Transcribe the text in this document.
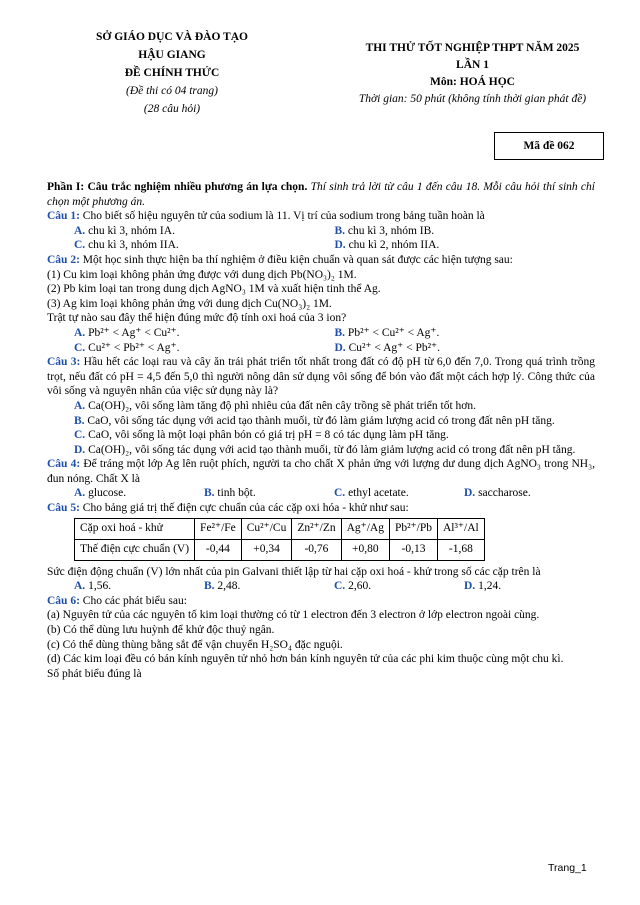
SỞ GIÁO DỤC VÀ ĐÀO TẠO
HẬU GIANG
ĐỀ CHÍNH THỨC
(Đề thi có 04 trang)
(28 câu hỏi)
THI THỬ TỐT NGHIỆP THPT NĂM 2025
LẦN 1
Môn: HOÁ HỌC
Thời gian: 50 phút (không tính thời gian phát đề)
Mã đề 062

Phần I: Câu trắc nghiệm nhiều phương án lựa chọn. Thí sinh trả lời từ câu 1 đến câu 18. Mỗi câu hỏi thí sinh chỉ chọn một phương án.

Câu 1: Cho biết số hiệu nguyên tử của sodium là 11. Vị trí của sodium trong bảng tuần hoàn là

A. chu kì 3, nhóm IA.	B. chu kì 3, nhóm IB.
C. chu kì 3, nhóm IIA.	D. chu kì 2, nhóm IIA.

Câu 2: Một học sinh thực hiện ba thí nghiệm ở điều kiện chuẩn và quan sát được các hiện tượng sau:

(1) Cu kim loại không phản ứng được với dung dịch Pb(NO₃)₂ 1M.

(2) Pb kim loại tan trong dung dịch AgNO₃ 1M và xuất hiện tinh thể Ag.

(3) Ag kim loại không phản ứng với dung dịch Cu(NO₃)₂ 1M.

Trật tự nào sau đây thể hiện đúng mức độ tính oxi hoá của 3 ion?

A. Pb²⁺ < Ag⁺ < Cu²⁺.	B. Pb²⁺ < Cu²⁺ < Ag⁺.
C. Cu²⁺ < Pb²⁺ < Ag⁺.	D. Cu²⁺ < Ag⁺ < Pb²⁺.

Câu 3: Hầu hết các loại rau và cây ăn trái phát triển tốt nhất trong đất có độ pH từ 6,0 đến 7,0. Trong quá trình trồng trọt, nếu đất có pH = 4,5 đến 5,0 thì người nông dân sử dụng vôi sống để bón vào đất một cách hợp lý. Công thức của vôi sống và nguyên nhân của việc sử dụng này là?

A. Ca(OH)₂, vôi sống làm tăng độ phì nhiêu của đất nên cây trồng sẽ phát triển tốt hơn.

B. CaO, vôi sống tác dụng với acid tạo thành muối, từ đó làm giảm lượng acid có trong đất nên pH tăng.

C. CaO, vôi sống là một loại phân bón có giá trị pH = 8 có tác dụng làm pH tăng.

D. Ca(OH)₂, vôi sống tác dụng với acid tạo thành muối, từ đó làm giảm lượng acid có trong đất nên pH tăng.

Câu 4: Để tráng một lớp Ag lên ruột phích, người ta cho chất X phản ứng với lượng dư dung dịch AgNO₃ trong NH₃, đun nóng. Chất X là

A. glucose.	B. tinh bột.	C. ethyl acetate.	D. saccharose.

Câu 5: Cho bảng giá trị thế điện cực chuẩn của các cặp oxi hóa - khử như sau:

Cặp oxi hoá - khử	Fe²⁺/Fe	Cu²⁺/Cu	Zn²⁺/Zn	Ag⁺/Ag	Pb²⁺/Pb	Al³⁺/Al
Thế điện cực chuẩn (V)	-0,44	+0,34	-0,76	+0,80	-0,13	-1,68

Sức điện động chuẩn (V) lớn nhất của pin Galvani thiết lập từ hai cặp oxi hoá - khử trong số các cặp trên là

A. 1,56.	B. 2,48.	C. 2,60.	D. 1,24.

Câu 6: Cho các phát biểu sau:

(a) Nguyên tử của các nguyên tố kim loại thường có từ 1 electron đến 3 electron ở lớp electron ngoài cùng.

(b) Có thể dùng lưu huỳnh để khử độc thuỷ ngân.

(c) Có thể dùng thùng bằng sắt để vận chuyển H₂SO₄ đặc nguội.

(d) Các kim loại đều có bán kính nguyên tử nhỏ hơn bán kính nguyên tử của các phi kim thuộc cùng một chu kì.

Số phát biểu đúng là

Trang_1
